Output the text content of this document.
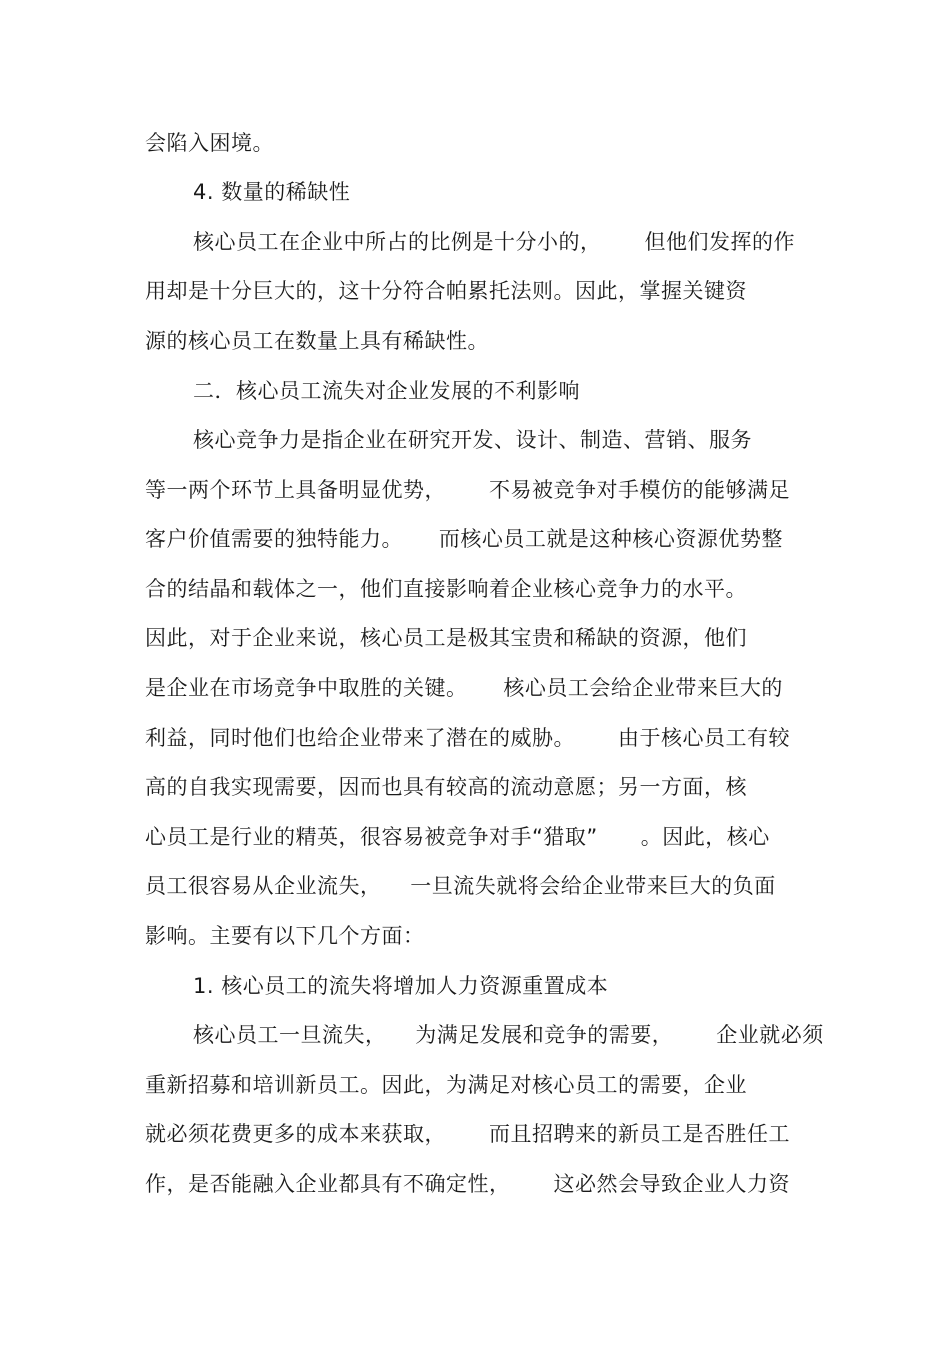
会陷入困境。
4. 数量的稀缺性
核心员工在企业中所占的比例是十分小的，      但他们发挥的作
用却是十分巨大的，这十分符合帕累托法则。因此，掌握关键资
源的核心员工在数量上具有稀缺性。
二．核心员工流失对企业发展的不利影响
核心竞争力是指企业在研究开发、设计、制造、营销、服务
等一两个环节上具备明显优势，      不易被竞争对手模仿的能够满足
客户价值需要的独特能力。     而核心员工就是这种核心资源优势整
合的结晶和载体之一，他们直接影响着企业核心竞争力的水平。
因此，对于企业来说，核心员工是极其宝贵和稀缺的资源，他们
是企业在市场竞争中取胜的关键。     核心员工会给企业带来巨大的
利益，同时他们也给企业带来了潜在的威胁。      由于核心员工有较
高的自我实现需要，因而也具有较高的流动意愿；另一方面，核
心员工是行业的精英，很容易被竞争对手“猎取”      。因此，核心
员工很容易从企业流失，    一旦流失就将会给企业带来巨大的负面
影响。主要有以下几个方面：
1. 核心员工的流失将增加人力资源重置成本
核心员工一旦流失，    为满足发展和竞争的需要，      企业就必须
重新招募和培训新员工。因此，为满足对核心员工的需要，企业
就必须花费更多的成本来获取，      而且招聘来的新员工是否胜任工
作，是否能融入企业都具有不确定性，      这必然会导致企业人力资
